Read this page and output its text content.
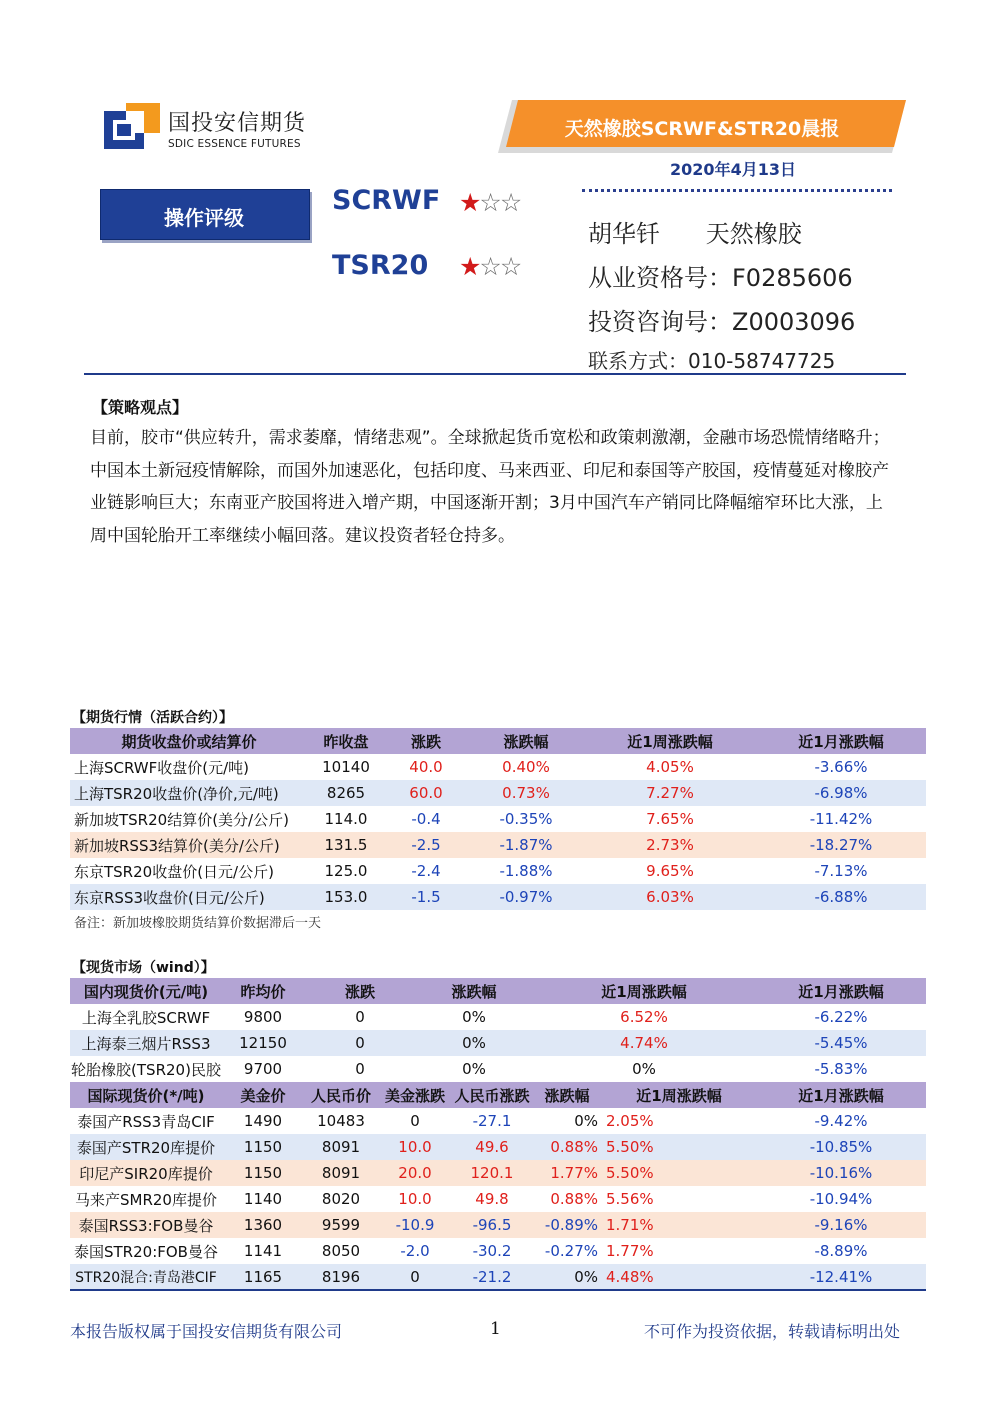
国投安信期货
SDIC ESSENCE FUTURES
天然橡胶SCRWF&STR20晨报
2020年4月13日
操作评级
SCRWF ★☆☆
TSR20 ★☆☆
胡华钎      天然橡胶
从业资格号：F0285606
投资咨询号：Z0003096
联系方式：010-58747725
【策略观点】
目前，胶市“供应转升，需求萎靡，情绪悲观”。全球掀起货币宽松和政策刺激潮，金融市场恐慌情绪略升；中国本土新冠疫情解除，而国外加速恶化，包括印度、马来西亚、印尼和泰国等产胶国，疫情蔓延对橡胶产业链影响巨大；东南亚产胶国将进入增产期，中国逐渐开割；3月中国汽车产销同比降幅缩窄环比大涨，上周中国轮胎开工率继续小幅回落。建议投资者轻仓持多。
【期货行情（活跃合约）】
期货收盘价或结算价	昨收盘	涨跌	涨跌幅	近1周涨跌幅	近1月涨跌幅
上海SCRWF收盘价(元/吨)	10140	40.0	0.40%	4.05%	-3.66%
上海TSR20收盘价(净价,元/吨)	8265	60.0	0.73%	7.27%	-6.98%
新加坡TSR20结算价(美分/公斤)	114.0	-0.4	-0.35%	7.65%	-11.42%
新加坡RSS3结算价(美分/公斤)	131.5	-2.5	-1.87%	2.73%	-18.27%
东京TSR20收盘价(日元/公斤)	125.0	-2.4	-1.88%	9.65%	-7.13%
东京RSS3收盘价(日元/公斤)	153.0	-1.5	-0.97%	6.03%	-6.88%
备注：新加坡橡胶期货结算价数据滞后一天
【现货市场（wind）】
国内现货价(元/吨)	昨均价	涨跌	涨跌幅	近1周涨跌幅	近1月涨跌幅
上海全乳胶SCRWF	9800	0	0%	6.52%	-6.22%
上海泰三烟片RSS3	12150	0	0%	4.74%	-5.45%
轮胎橡胶(TSR20)民胶	9700	0	0%	0%	-5.83%
国际现货价(*/吨)	美金价	人民币价	美金涨跌	人民币涨跌	涨跌幅	近1周涨跌幅	近1月涨跌幅
泰国产RSS3青岛CIF	1490	10483	0	-27.1	0%	2.05%	-9.42%
泰国产STR20库提价	1150	8091	10.0	49.6	0.88%	5.50%	-10.85%
印尼产SIR20库提价	1150	8091	20.0	120.1	1.77%	5.50%	-10.16%
马来产SMR20库提价	1140	8020	10.0	49.8	0.88%	5.56%	-10.94%
泰国RSS3:FOB曼谷	1360	9599	-10.9	-96.5	-0.89%	1.71%	-9.16%
泰国STR20:FOB曼谷	1141	8050	-2.0	-30.2	-0.27%	1.77%	-8.89%
STR20混合:青岛港CIF	1165	8196	0	-21.2	0%	4.48%	-12.41%
本报告版权属于国投安信期货有限公司	1	不可作为投资依据，转载请标明出处
